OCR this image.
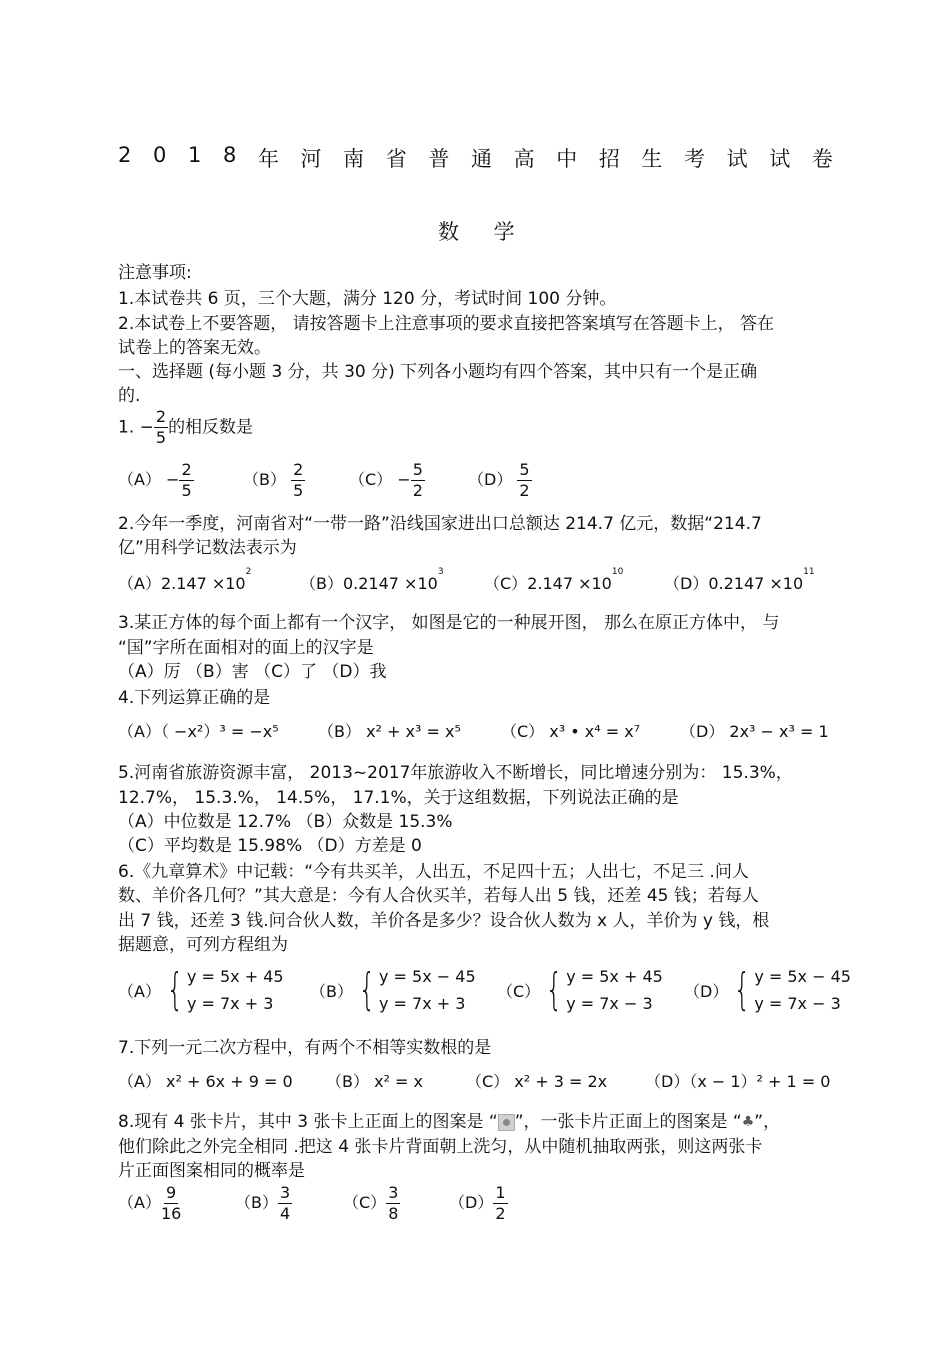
2 0 1 8 年 河 南 省 普 通 高 中 招 生 考 试 试 卷
数 学
注意事项:
1.本试卷共 6 页，三个大题，满分 120 分，考试时间 100 分钟。
2.本试卷上不要答题， 请按答题卡上注意事项的要求直接把答案填写在答题卡上， 答在
试卷上的答案无效。
一、选择题 (每小题 3 分，共 30 分) 下列各小题均有四个答案，其中只有一个是正确
的.
1. − $\frac{2}{5}$ 的相反数是
$(A) - \frac{2}{5}$	$(B) \frac{2}{5}$	$(C) - \frac{5}{2}$	$(D) \frac{5}{2}$
2.今年一季度，河南省对“一带一路”沿线国家进出口总额达 214.7 亿元，数据“214.7
亿”用科学记数法表示为
$(A)2.147 \times 10^2$
$(B)0.2147 \times 10^3$
$(C)2.147 \times 10^{10}$
$(D)0.2147 \times 10^{11}$
3.某正方体的每个面上都有一个汉字， 如图是它的一种展开图， 那么在原正方体中， 与
“国”字所在面相对的面上的汉字是
（A）厉 （B）害 （C）了 （D）我
4.下列运算正确的是
（A）（ −x²）³ = −x⁵ （B） x² + x³ = x⁵	（C） x³ • x⁴ = x⁷ （D） 2x³ − x³ = 1
5.河南省旅游资源丰富， 2013~2017年旅游收入不断增长，同比增速分别为： 15.3%，
12.7%， 15.3.%， 14.5%， 17.1%，关于这组数据，下列说法正确的是
（A）中位数是 12.7% （B）众数是 15.3%
（C）平均数是 15.98% （D）方差是 0
6.《九章算术》中记载：“今有共买羊，人出五，不足四十五；人出七，不足三 .问人
数、羊价各几何？”其大意是：今有人合伙买羊，若每人出 5 钱，还差 45 钱；若每人
出 7 钱，还差 3 钱.问合伙人数，羊价各是多少？设合伙人数为 x 人，羊价为 y 钱，根
据题意，可列方程组为
（A） { y = 5x + 45
y = 7x + 3
（B） { y = 5x − 45
y = 7x + 3
（C） { y = 5x + 45
y = 7x − 3
（D） { y = 5x − 45
y = 7x − 3
7.下列一元二次方程中，有两个不相等实数根的是
（A） x² + 6x + 9 = 0 （B） x² = x	（C） x² + 3 = 2x （D）（x − 1）² + 1 = 0
8.现有 4 张卡片，其中 3 张卡上正面上的图案是 “ ”，一张卡片正面上的图案是 “♣”，
他们除此之外完全相同 .把这 4 张卡片背面朝上洗匀，从中随机抽取两张，则这两张卡
片正面图案相同的概率是
$(A) \frac{9}{16}$	$(B) \frac{3}{4}$	$(C) \frac{3}{8}$	$(D) \frac{1}{2}$
